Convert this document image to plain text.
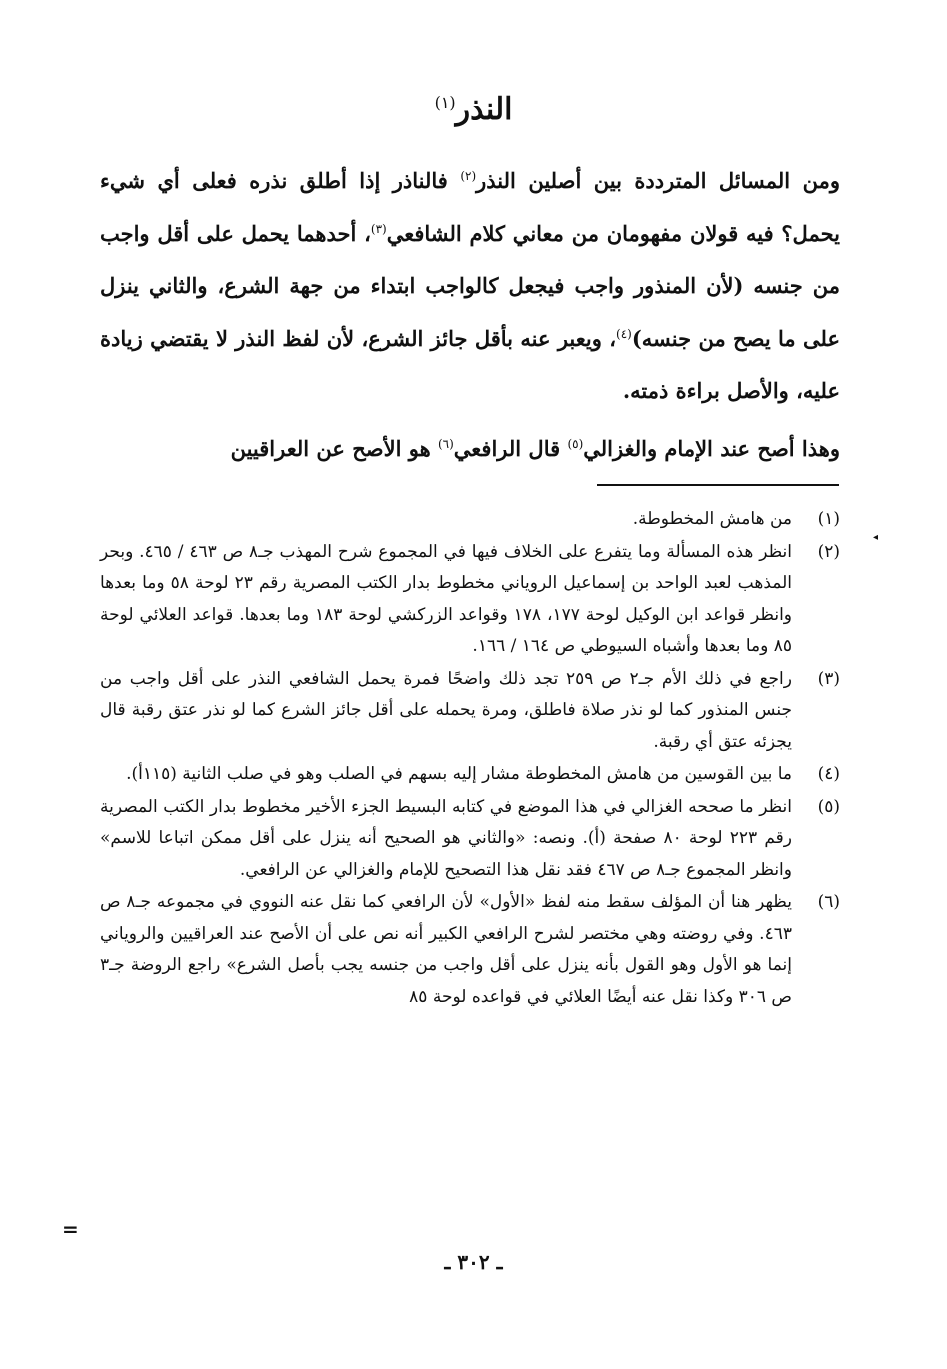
النذر$^{(١)}$
ومن المسائل المترددة بين أصلين النذر$^{(٢)}$ فالناذر إذا أطلق نذره فعلى أي شيء يحمل؟ فيه قولان مفهومان من معاني كلام الشافعي$^{(٣)}$، أحدهما يحمل على أقل واجب من جنسه (لأن المنذور واجب فيجعل كالواجب ابتداء من جهة الشرع، والثاني ينزل على ما يصح من جنسه)$^{(٤)}$، ويعبر عنه بأقل جائز الشرع، لأن لفظ النذر لا يقتضي زيادة عليه، والأصل براءة ذمته.
وهذا أصح عند الإمام والغزالي$^{(٥)}$ قال الرافعي$^{(٦)}$ هو الأصح عن العراقيين
(١)
من هامش المخطوطة.
(٢)
انظر هذه المسألة وما يتفرع على الخلاف فيها في المجموع شرح المهذب جـ٨ ص ٤٦٣ / ٤٦٥. وبحر المذهب لعبد الواحد بن إسماعيل الروياني مخطوط بدار الكتب المصرية رقم ٢٣ لوحة ٥٨ وما بعدها وانظر قواعد ابن الوكيل لوحة ١٧٧، ١٧٨ وقواعد الزركشي لوحة ١٨٣ وما بعدها. قواعد العلائي لوحة ٨٥ وما بعدها وأشباه السيوطي ص ١٦٤ / ١٦٦.
(٣)
راجع في ذلك الأم جـ٢ ص ٢٥٩ تجد ذلك واضحًا فمرة يحمل الشافعي النذر على أقل واجب من جنس المنذور كما لو نذر صلاة فاطلق، ومرة يحمله على أقل جائز الشرع كما لو نذر عتق رقبة قال يجزئه عتق أي رقبة.
(٤)
ما بين القوسين من هامش المخطوطة مشار إليه بسهم في الصلب وهو في صلب الثانية (١١٥أ).
(٥)
انظر ما صححه الغزالي في هذا الموضع في كتابه البسيط الجزء الأخير مخطوط بدار الكتب المصرية رقم ٢٢٣ لوحة ٨٠ صفحة (أ). ونصه: «والثاني هو الصحيح أنه ينزل على أقل ممكن اتباعا للاسم» وانظر المجموع جـ٨ ص ٤٦٧ فقد نقل هذا التصحيح للإمام والغزالي عن الرافعي.
(٦)
يظهر هنا أن المؤلف سقط منه لفظ «الأول» لأن الرافعي كما نقل عنه النووي في مجموعه جـ٨ ص ٤٦٣. وفي روضته وهي مختصر لشرح الرافعي الكبير أنه نص على أن الأصح عند العراقيين والروياني إنما هو الأول وهو القول بأنه ينزل على أقل واجب من جنسه يجب بأصل الشرع» راجع الروضة جـ٣ ص ٣٠٦ وكذا نقل عنه أيضًا العلائي في قواعده لوحة ٨٥
ـ ٣٠٢ ـ
◂
=
